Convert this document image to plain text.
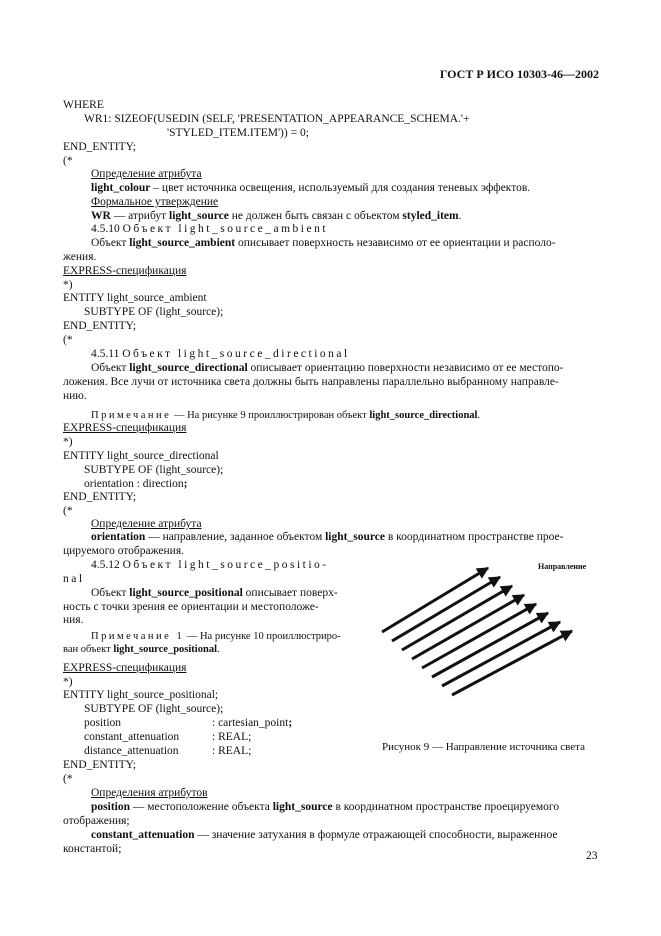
ГОСТ Р ИСО 10303-46—2002
WHERE
WR1: SIZEOF(USEDIN (SELF, 'PRESENTATION_APPEARANCE_SCHEMA.'+
'STYLED_ITEM.ITEM')) = 0;
END_ENTITY;
(*
Определение атрибута
light_colour – цвет источника освещения, используемый для создания теневых эффектов.
Формальное утверждение
WR — атрибут light_source не должен быть связан с объектом styled_item.
4.5.10 Объект light_source_ambient
Объект light_source_ambient описывает поверхность независимо от ее ориентации и располо-
жения.
EXPRESS-спецификация
*)
ENTITY light_source_ambient
SUBTYPE OF (light_source);
END_ENTITY;
(*
4.5.11 Объект light_source_directional
Объект light_source_directional описывает ориентацию поверхности независимо от ее местопо-
ложения. Все лучи от источника света должны быть направлены параллельно выбранному направле-
нию.
Примечание — На рисунке 9 проиллюстрирован объект light_source_directional.
EXPRESS-спецификация
*)
ENTITY light_source_directional
SUBTYPE OF (light_source);
orientation : direction;
END_ENTITY;
(*
Определение атрибута
orientation — направление, заданное объектом light_source в координатном пространстве прое-
цируемого отображения.
4.5.12 Объект light_source_positio-
nal
Объект light_source_positional описывает поверх-
ность с точки зрения ее ориентации и местоположе-
ния.
Примечание 1 — На рисунке 10 проиллюстриро-
ван объект light_source_positional.
EXPRESS-спецификация
*)
ENTITY light_source_positional;
SUBTYPE OF (light_source);
position	: cartesian_point;
constant_attenuation	: REAL;
distance_attenuation	: REAL;
END_ENTITY;
(*
Определения атрибутов
position — местоположение объекта light_source в координатном пространстве проецируемого
отображения;
constant_attenuation — значение затухания в формуле отражающей способности, выраженное
константой;
Направление
Рисунок 9 — Направление источника света
23
